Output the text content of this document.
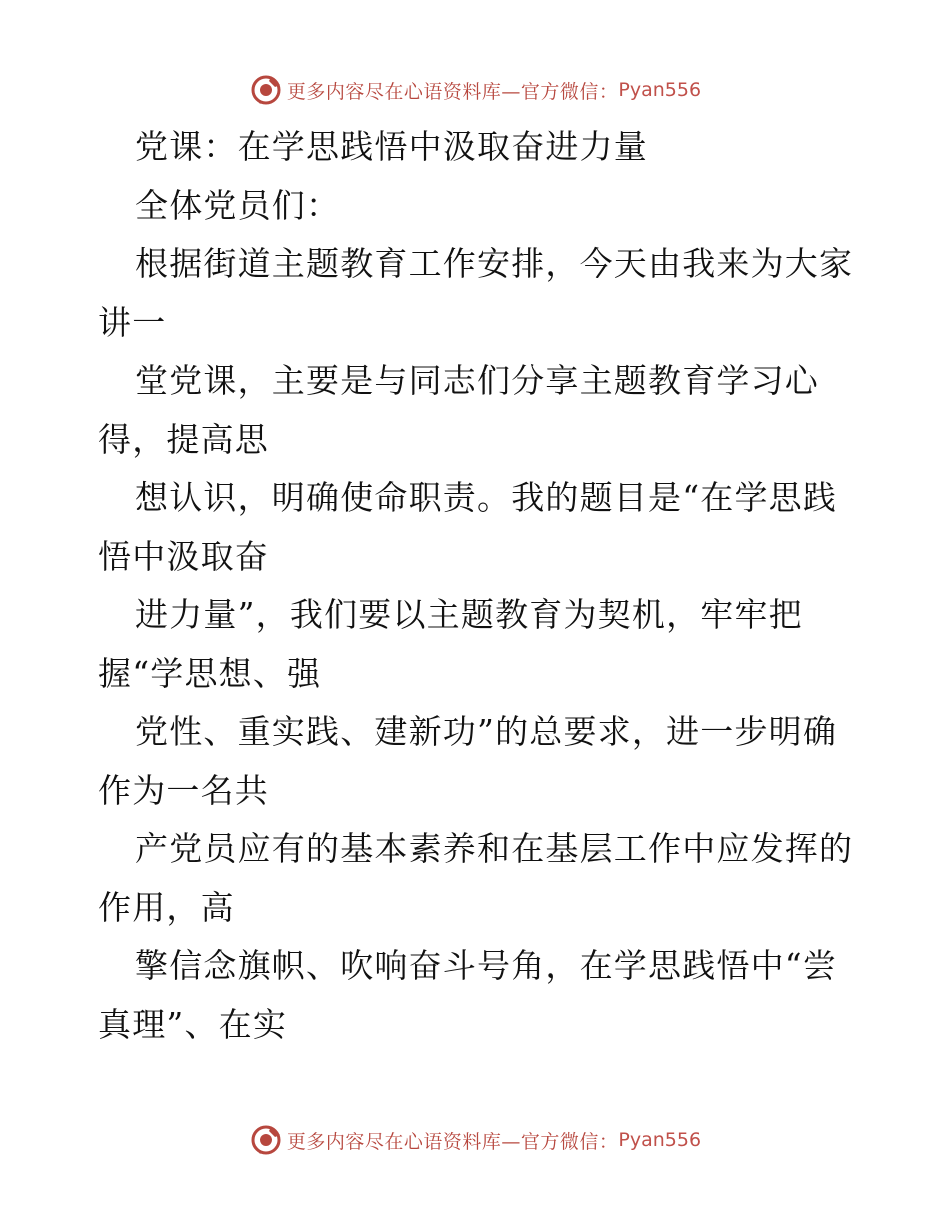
更多内容尽在心语资料库—官方微信： Pyan556
党课：在学思践悟中汲取奋进力量
全体党员们：
根据街道主题教育工作安排，今天由我来为大家
讲一
堂党课，主要是与同志们分享主题教育学习心
得，提高思
想认识，明确使命职责。我的题目是“在学思践
悟中汲取奋
进力量”，我们要以主题教育为契机，牢牢把
握“学思想、强
党性、重实践、建新功”的总要求，进一步明确
作为一名共
产党员应有的基本素养和在基层工作中应发挥的
作用，高
擎信念旗帜、吹响奋斗号角，在学思践悟中“尝
真理”、在实
更多内容尽在心语资料库—官方微信： Pyan556
